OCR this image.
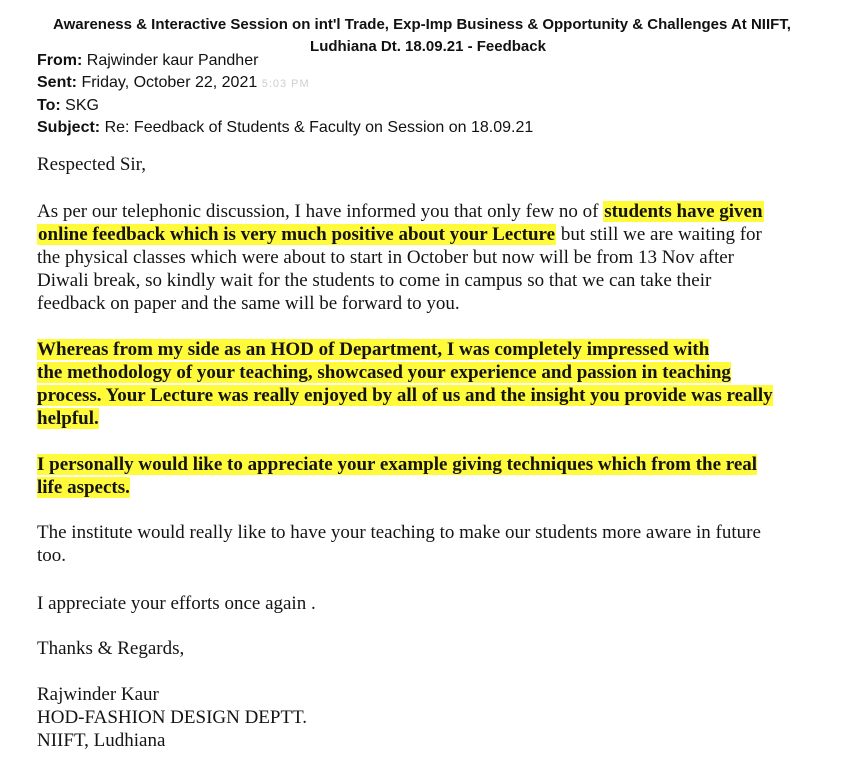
Awareness & Interactive Session on int'l Trade, Exp-Imp Business & Opportunity & Challenges At NIIFT,
Ludhiana Dt. 18.09.21 - Feedback
From: Rajwinder kaur Pandher
Sent: Friday, October 22, 2021 5:03 PM
To: SKG
Subject: Re: Feedback of Students & Faculty on Session on 18.09.21
Respected Sir,
As per our telephonic discussion, I have informed you that only few no of students have given
online feedback which is very much positive about your Lecture but still we are waiting for
the physical classes which were about to start in October but now will be from 13 Nov after
Diwali break, so kindly wait for the students to come in campus so that we can take their
feedback on paper and the same will be forward to you.
Whereas from my side as an HOD of Department, I was completely impressed with
the methodology of your teaching, showcased your experience and passion in teaching
process. Your Lecture was really enjoyed by all of us and the insight you provide was really
helpful.
I personally would like to appreciate your example giving techniques which from the real
life aspects.
The institute would really like to have your teaching to make our students more aware in future
too.
I appreciate your efforts once again .
Thanks & Regards,
Rajwinder Kaur
HOD-FASHION DESIGN DEPTT.
NIIFT, Ludhiana
